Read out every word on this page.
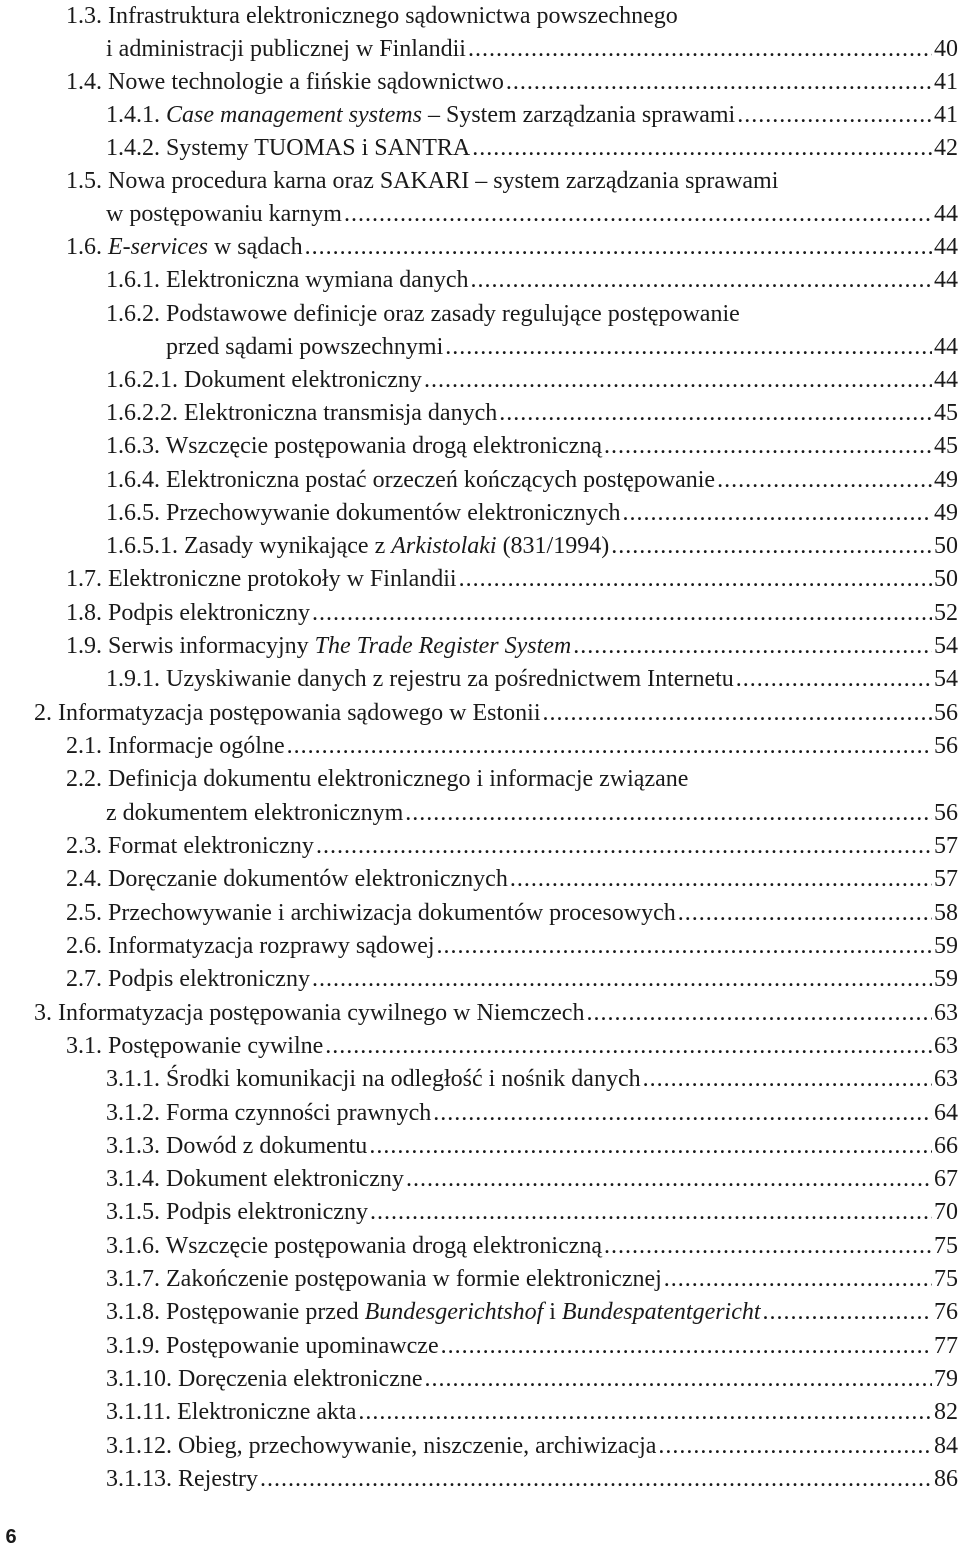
1.3. Infrastruktura elektronicznego sądownictwa powszechnego
i administracji publicznej w Finlandii .....	40
1.4. Nowe technologie a fińskie sądownictwo .....	41
1.4.1. Case management systems – System zarządzania sprawami .....	41
1.4.2. Systemy TUOMAS i SANTRA .....	42
1.5. Nowa procedura karna oraz SAKARI – system zarządzania sprawami
w postępowaniu karnym .....	44
1.6. E-services w sądach .....	44
1.6.1. Elektroniczna wymiana danych .....	44
1.6.2. Podstawowe definicje oraz zasady regulujące postępowanie
przed sądami powszechnymi .....	44
1.6.2.1. Dokument elektroniczny .....	44
1.6.2.2. Elektroniczna transmisja danych .....	45
1.6.3. Wszczęcie postępowania drogą elektroniczną .....	45
1.6.4. Elektroniczna postać orzeczeń kończących postępowanie .....	49
1.6.5. Przechowywanie dokumentów elektronicznych .....	49
1.6.5.1. Zasady wynikające z Arkistolaki (831/1994) .....	50
1.7. Elektroniczne protokoły w Finlandii .....	50
1.8. Podpis elektroniczny .....	52
1.9. Serwis informacyjny The Trade Register System .....	54
1.9.1. Uzyskiwanie danych z rejestru za pośrednictwem Internetu .....	54
2. Informatyzacja postępowania sądowego w Estonii .....	56
2.1. Informacje ogólne .....	56
2.2. Definicja dokumentu elektronicznego i informacje związane
z dokumentem elektronicznym .....	56
2.3. Format elektroniczny .....	57
2.4. Doręczanie dokumentów elektronicznych .....	57
2.5. Przechowywanie i archiwizacja dokumentów procesowych .....	58
2.6. Informatyzacja rozprawy sądowej .....	59
2.7. Podpis elektroniczny .....	59
3. Informatyzacja postępowania cywilnego w Niemczech .....	63
3.1. Postępowanie cywilne .....	63
3.1.1. Środki komunikacji na odległość i nośnik danych .....	63
3.1.2. Forma czynności prawnych .....	64
3.1.3. Dowód z dokumentu .....	66
3.1.4. Dokument elektroniczny .....	67
3.1.5. Podpis elektroniczny .....	70
3.1.6. Wszczęcie postępowania drogą elektroniczną .....	75
3.1.7. Zakończenie postępowania w formie elektronicznej .....	75
3.1.8. Postępowanie przed Bundesgerichtshof i Bundespatentgericht .....	76
3.1.9. Postępowanie upominawcze .....	77
3.1.10. Doręczenia elektroniczne .....	79
3.1.11. Elektroniczne akta .....	82
3.1.12. Obieg, przechowywanie, niszczenie, archiwizacja .....	84
3.1.13. Rejestry .....	86
6
